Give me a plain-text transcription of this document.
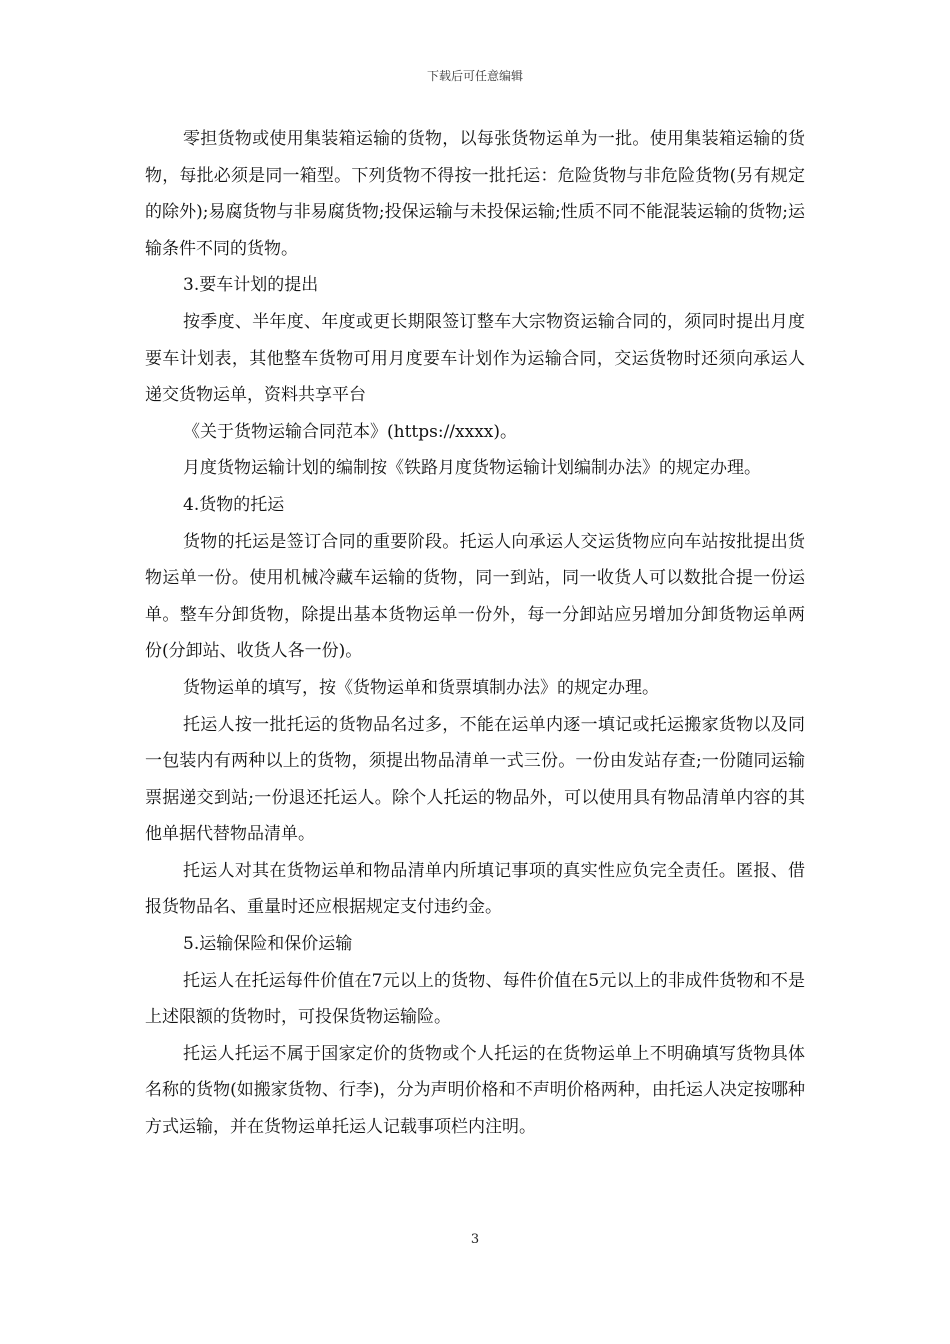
下载后可任意编辑

零担货物或使用集装箱运输的货物，以每张货物运单为一批。使用集装箱运输的货物，每批必须是同一箱型。下列货物不得按一批托运：危险货物与非危险货物(另有规定的除外);易腐货物与非易腐货物;投保运输与未投保运输;性质不同不能混装运输的货物;运输条件不同的货物。

3.要车计划的提出

按季度、半年度、年度或更长期限签订整车大宗物资运输合同的，须同时提出月度要车计划表，其他整车货物可用月度要车计划作为运输合同，交运货物时还须向承运人递交货物运单，资料共享平台

《关于货物运输合同范本》(https://xxxx)。

月度货物运输计划的编制按《铁路月度货物运输计划编制办法》的规定办理。

4.货物的托运

货物的托运是签订合同的重要阶段。托运人向承运人交运货物应向车站按批提出货物运单一份。使用机械冷藏车运输的货物，同一到站，同一收货人可以数批合提一份运单。整车分卸货物，除提出基本货物运单一份外，每一分卸站应另增加分卸货物运单两份(分卸站、收货人各一份)。

货物运单的填写，按《货物运单和货票填制办法》的规定办理。

托运人按一批托运的货物品名过多，不能在运单内逐一填记或托运搬家货物以及同一包装内有两种以上的货物，须提出物品清单一式三份。一份由发站存查;一份随同运输票据递交到站;一份退还托运人。除个人托运的物品外，可以使用具有物品清单内容的其他单据代替物品清单。

托运人对其在货物运单和物品清单内所填记事项的真实性应负完全责任。匿报、借报货物品名、重量时还应根据规定支付违约金。

5.运输保险和保价运输

托运人在托运每件价值在7元以上的货物、每件价值在5元以上的非成件货物和不是上述限额的货物时，可投保货物运输险。

托运人托运不属于国家定价的货物或个人托运的在货物运单上不明确填写货物具体名称的货物(如搬家货物、行李)，分为声明价格和不声明价格两种，由托运人决定按哪种方式运输，并在货物运单托运人记载事项栏内注明。

3
